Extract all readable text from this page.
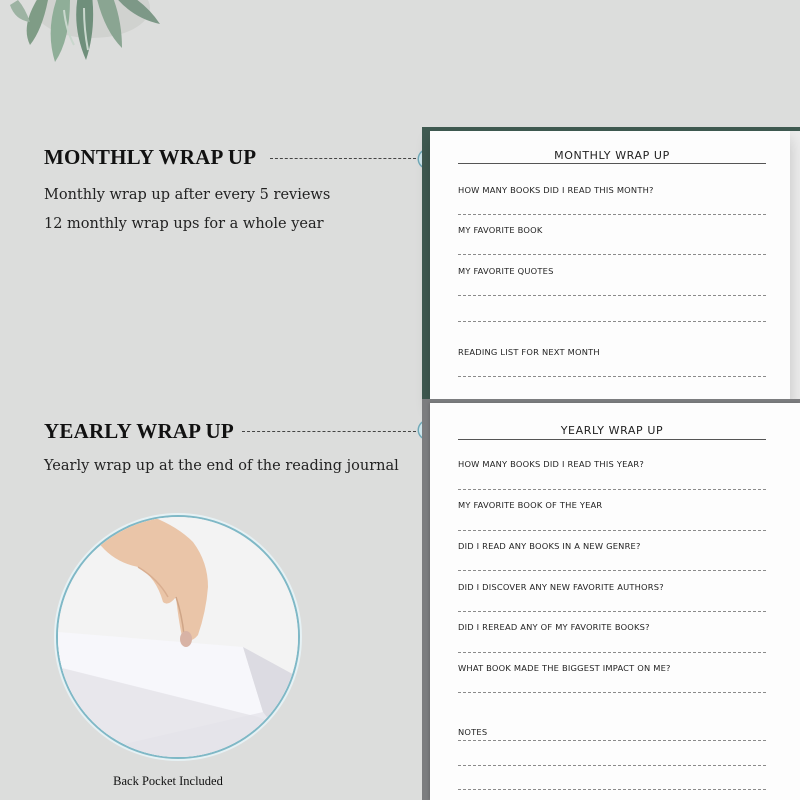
MONTHLY WRAP UP
Monthly wrap up after every 5 reviews
12 monthly wrap ups for a whole year
YEARLY WRAP UP
Yearly wrap up at the end of the reading journal
MONTHLY WRAP UP
HOW MANY BOOKS DID I READ THIS MONTH?
MY FAVORITE BOOK
MY FAVORITE QUOTES
READING LIST FOR NEXT MONTH
YEARLY WRAP UP
HOW MANY BOOKS DID I READ THIS YEAR?
MY FAVORITE BOOK OF THE YEAR
DID I READ ANY BOOKS IN A NEW GENRE?
DID I DISCOVER ANY NEW FAVORITE AUTHORS?
DID I REREAD ANY OF MY FAVORITE BOOKS?
WHAT BOOK MADE THE BIGGEST IMPACT ON ME?
NOTES
Back Pocket Included
